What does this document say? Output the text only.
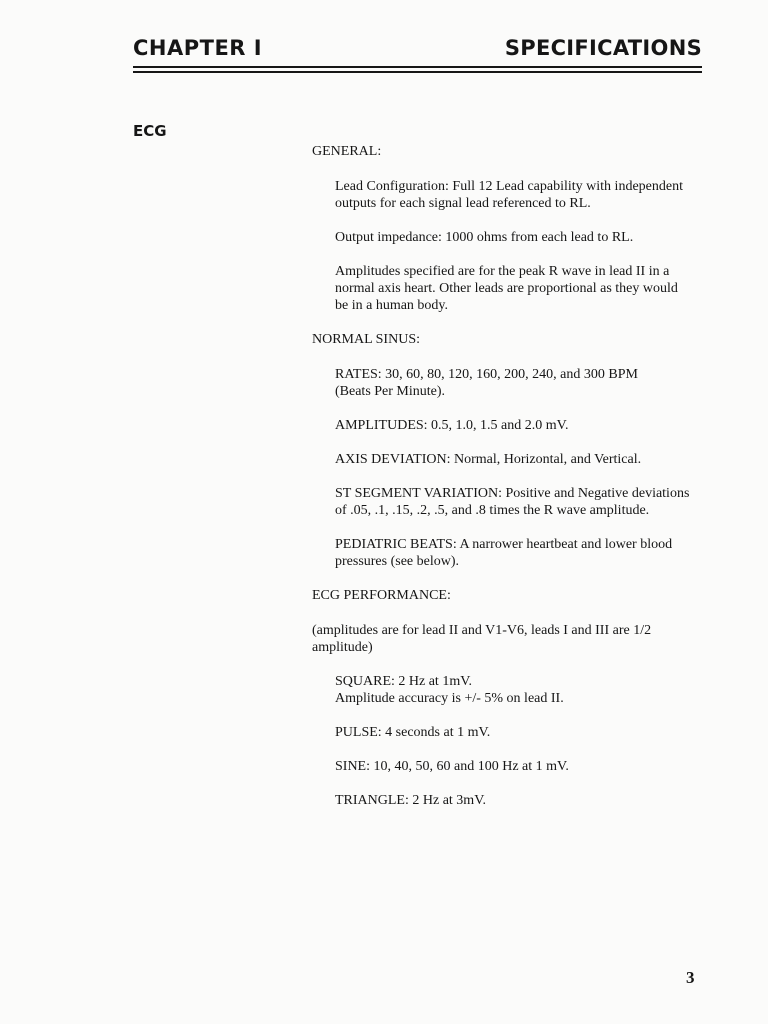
CHAPTER I	SPECIFICATIONS
ECG

GENERAL:

Lead Configuration: Full 12 Lead capability with independent

outputs for each signal lead referenced to RL.

Output impedance: 1000 ohms from each lead to RL.

Amplitudes specified are for the peak R wave in lead II in a

normal axis heart. Other leads are proportional as they would

be in a human body.

NORMAL SINUS:

RATES: 30, 60, 80, 120, 160, 200, 240, and 300 BPM

(Beats Per Minute).

AMPLITUDES: 0.5, 1.0, 1.5 and 2.0 mV.

AXIS DEVIATION: Normal, Horizontal, and Vertical.

ST SEGMENT VARIATION: Positive and Negative deviations

of .05, .1, .15, .2, .5, and .8 times the R wave amplitude.

PEDIATRIC BEATS: A narrower heartbeat and lower blood

pressures (see below).

ECG PERFORMANCE:

(amplitudes are for lead II and V1-V6, leads I and III are 1/2

amplitude)

SQUARE: 2 Hz at 1mV.

Amplitude accuracy is +/- 5% on lead II.

PULSE: 4 seconds at 1 mV.

SINE: 10, 40, 50, 60 and 100 Hz at 1 mV.

TRIANGLE: 2 Hz at 3mV.

3
